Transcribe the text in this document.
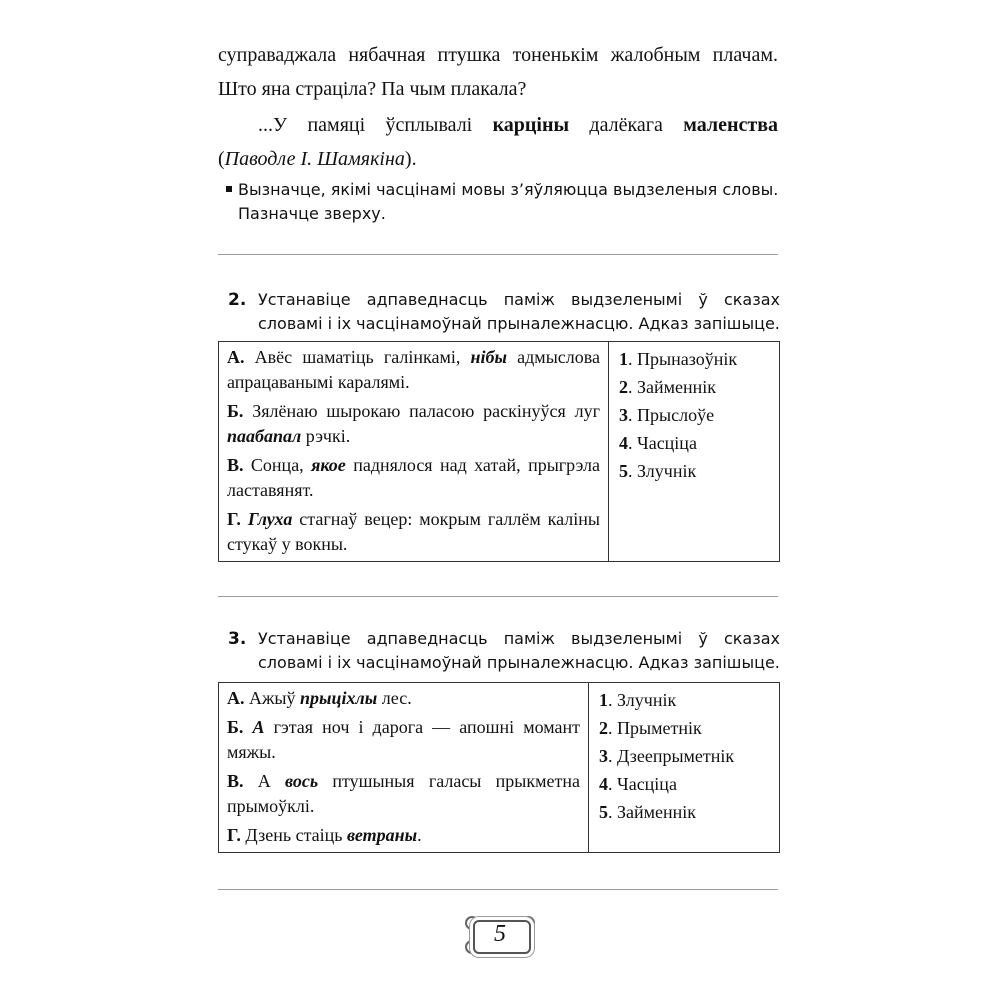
суправаджала нябачная птушка тоненькім жалобным плачам. Што яна страціла? Па чым плакала?
...У памяці ўсплывалі карціны далёкага маленства (Паводле І. Шамякіна).
Вызначце, якімі часцінамі мовы з’яўляюцца выдзеленыя словы. Пазначце зверху.
2. Устанавіце адпаведнасць паміж выдзеленымі ў сказах словамі і іх часцінамоўнай прыналежнасцю. Адказ запішыце.
А. Авёс шаматіць галінкамі, нібы адмыслова апрацаванымі каралямі.
Б. Зялёнаю шырокаю паласою раскінуўся луг паабапал рэчкі.
В. Сонца, якое паднялося над хатай, прыгрэла ластавянят.
Г. Глуха стагнаў вецер: мокрым галлём каліны стукаў у вокны.

1. Прыназоўнік
2. Займеннік
3. Прыслоўе
4. Часціца
5. Злучнік
3. Устанавіце адпаведнасць паміж выдзеленымі ў сказах словамі і іх часцінамоўнай прыналежнасцю. Адказ запішыце.
А. Ажыў прыціхлы лес.
Б. А гэтая ноч і дарога — апошні момант мяжы.
В. А вось птушыныя галасы прыкметна прымоўклі.
Г. Дзень стаіць ветраны.

1. Злучнік
2. Прыметнік
3. Дзеепрыметнік
4. Часціца
5. Займеннік
5
